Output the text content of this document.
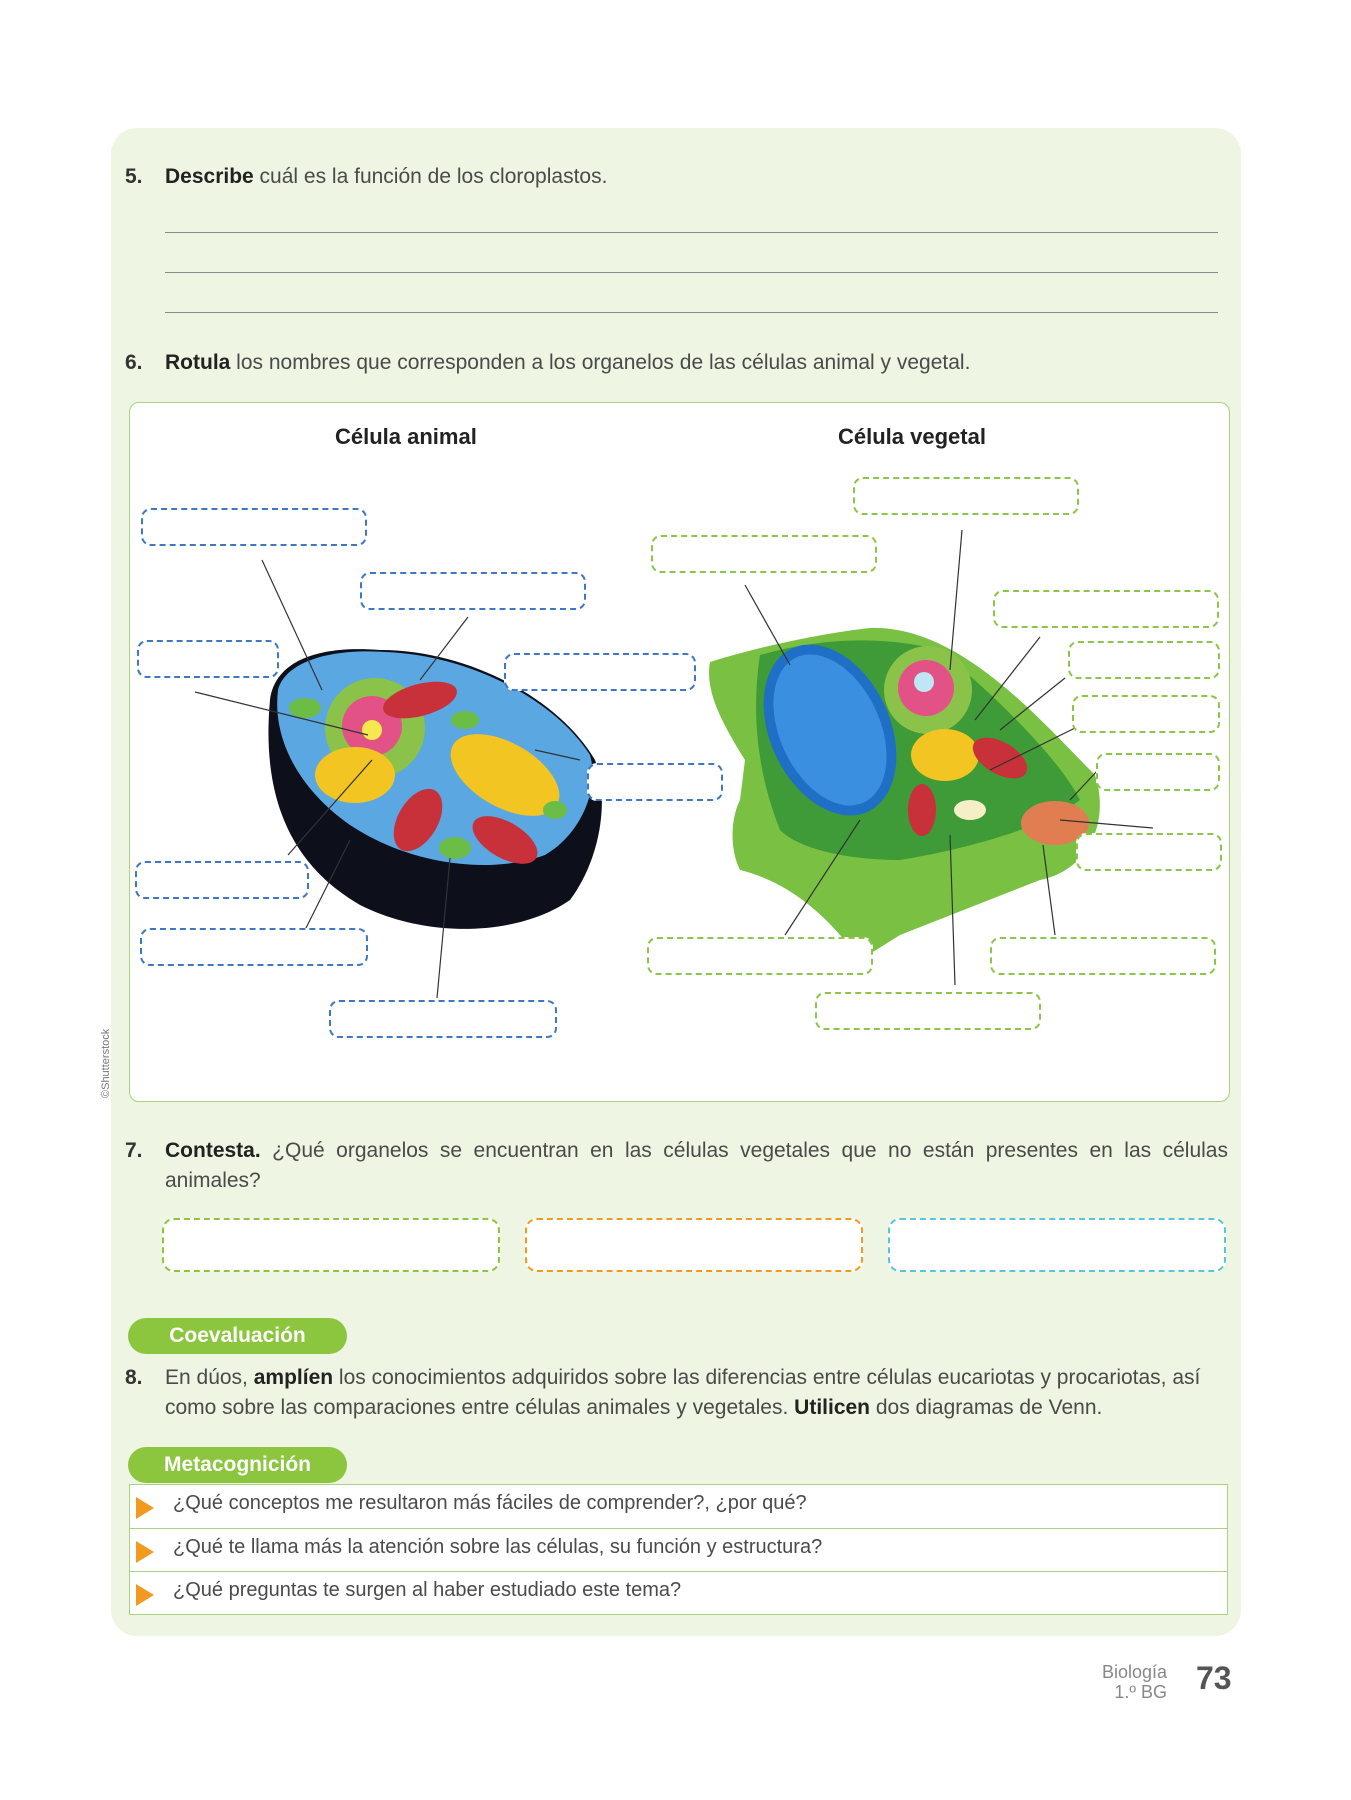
5. Describe cuál es la función de los cloroplastos.
6. Rotula los nombres que corresponden a los organelos de las células animal y vegetal.
Célula animal	Célula vegetal
©Shutterstock
7. Contesta. ¿Qué organelos se encuentran en las células vegetales que no están presentes en las células animales?
Coevaluación
8. En dúos, amplíen los conocimientos adquiridos sobre las diferencias entre células eucariotas y procariotas, así como sobre las comparaciones entre células animales y vegetales. Utilicen dos diagramas de Venn.
Metacognición
¿Qué conceptos me resultaron más fáciles de comprender?, ¿por qué?
¿Qué te llama más la atención sobre las células, su función y estructura?
¿Qué preguntas te surgen al haber estudiado este tema?
Biología
1.º BG 73
